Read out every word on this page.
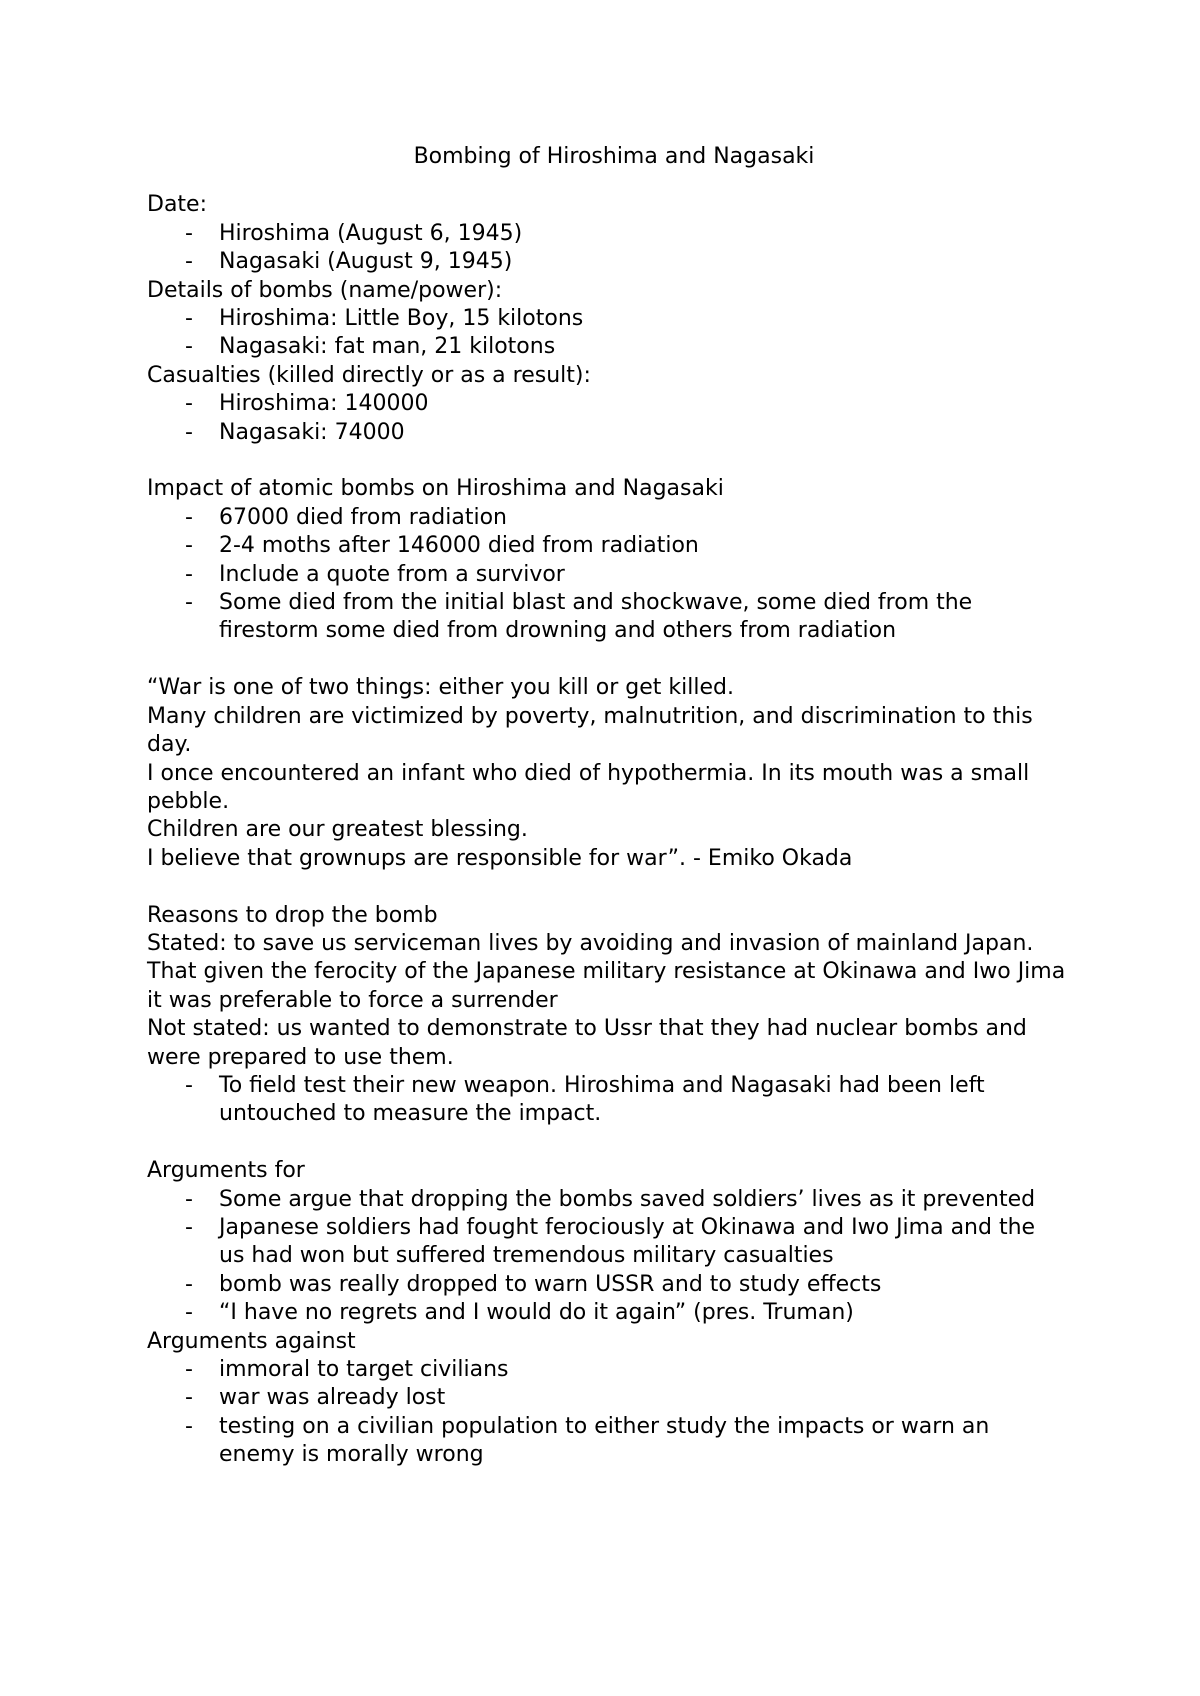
Bombing of Hiroshima and Nagasaki

Date:

- Hiroshima (August 6, 1945)
- Nagasaki (August 9, 1945)

Details of bombs (name/power):

- Hiroshima: Little Boy, 15 kilotons
- Nagasaki: fat man, 21 kilotons

Casualties (killed directly or as a result):

- Hiroshima: 140000
- Nagasaki: 74000

Impact of atomic bombs on Hiroshima and Nagasaki

- 67000 died from radiation
- 2-4 moths after 146000 died from radiation
- Include a quote from a survivor
- Some died from the initial blast and shockwave, some died from the firestorm some died from drowning and others from radiation

“War is one of two things: either you kill or get killed.

Many children are victimized by poverty, malnutrition, and discrimination to this day.

I once encountered an infant who died of hypothermia. In its mouth was a small pebble.

Children are our greatest blessing.

I believe that grownups are responsible for war”. - Emiko Okada

Reasons to drop the bomb

Stated: to save us serviceman lives by avoiding and invasion of mainland Japan. That given the ferocity of the Japanese military resistance at Okinawa and Iwo Jima it was preferable to force a surrender

Not stated: us wanted to demonstrate to Ussr that they had nuclear bombs and were prepared to use them.

- To field test their new weapon. Hiroshima and Nagasaki had been left untouched to measure the impact.

Arguments for

- Some argue that dropping the bombs saved soldiers’ lives as it prevented
- Japanese soldiers had fought ferociously at Okinawa and Iwo Jima and the us had won but suffered tremendous military casualties
- bomb was really dropped to warn USSR and to study effects
- “I have no regrets and I would do it again” (pres. Truman)

Arguments against

- immoral to target civilians
- war was already lost
- testing on a civilian population to either study the impacts or warn an enemy is morally wrong
